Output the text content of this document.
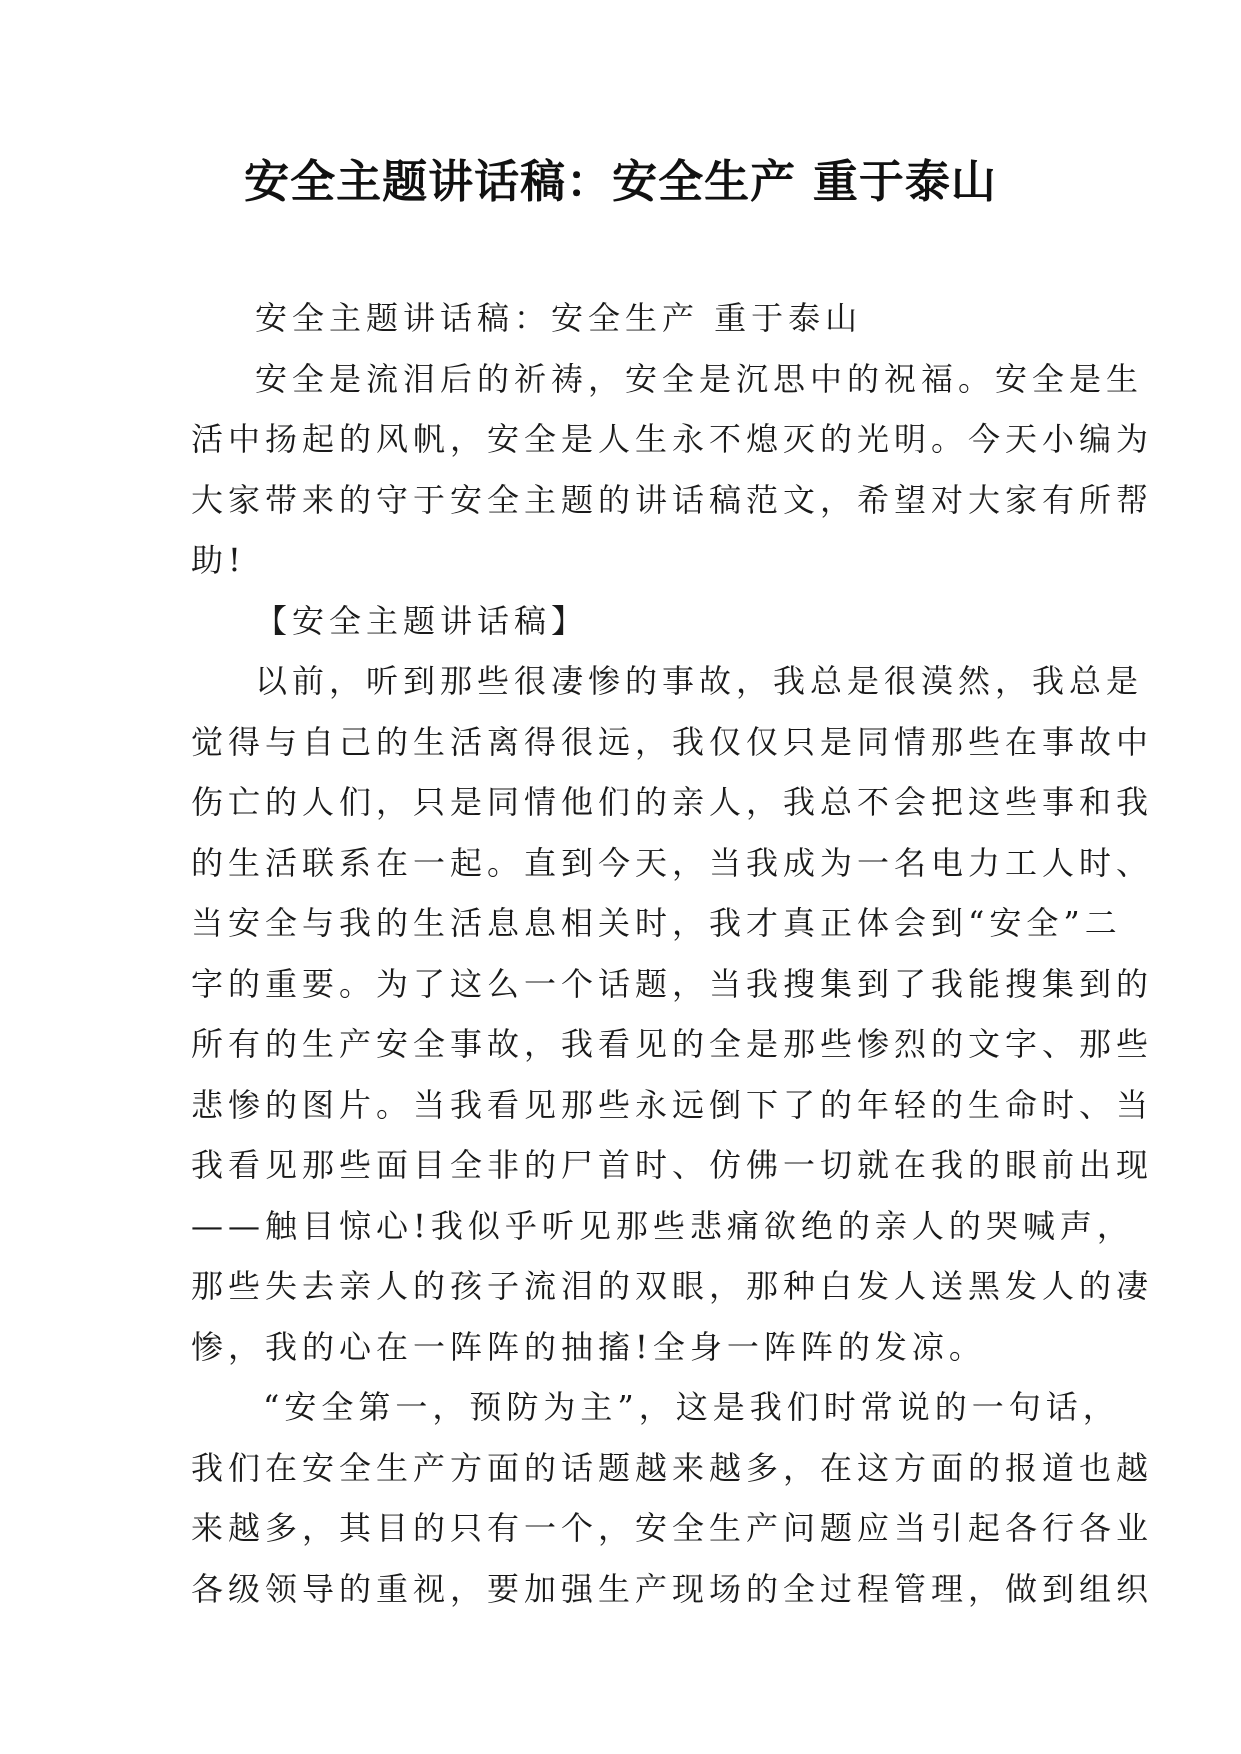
安全主题讲话稿：安全生产 重于泰山
安全主题讲话稿：安全生产 重于泰山
安全是流泪后的祈祷，安全是沉思中的祝福。安全是生
活中扬起的风帆，安全是人生永不熄灭的光明。今天小编为
大家带来的守于安全主题的讲话稿范文，希望对大家有所帮
助!
【安全主题讲话稿】
以前，听到那些很凄惨的事故，我总是很漠然，我总是
觉得与自己的生活离得很远，我仅仅只是同情那些在事故中
伤亡的人们，只是同情他们的亲人，我总不会把这些事和我
的生活联系在一起。直到今天，当我成为一名电力工人时、
当安全与我的生活息息相关时，我才真正体会到“安全”二
字的重要。为了这么一个话题，当我搜集到了我能搜集到的
所有的生产安全事故，我看见的全是那些惨烈的文字、那些
悲惨的图片。当我看见那些永远倒下了的年轻的生命时、当
我看见那些面目全非的尸首时、仿佛一切就在我的眼前出现
——触目惊心!我似乎听见那些悲痛欲绝的亲人的哭喊声，
那些失去亲人的孩子流泪的双眼，那种白发人送黑发人的凄
惨，我的心在一阵阵的抽搐!全身一阵阵的发凉。
“安全第一，预防为主”，这是我们时常说的一句话，
我们在安全生产方面的话题越来越多，在这方面的报道也越
来越多，其目的只有一个，安全生产问题应当引起各行各业
各级领导的重视，要加强生产现场的全过程管理，做到组织
